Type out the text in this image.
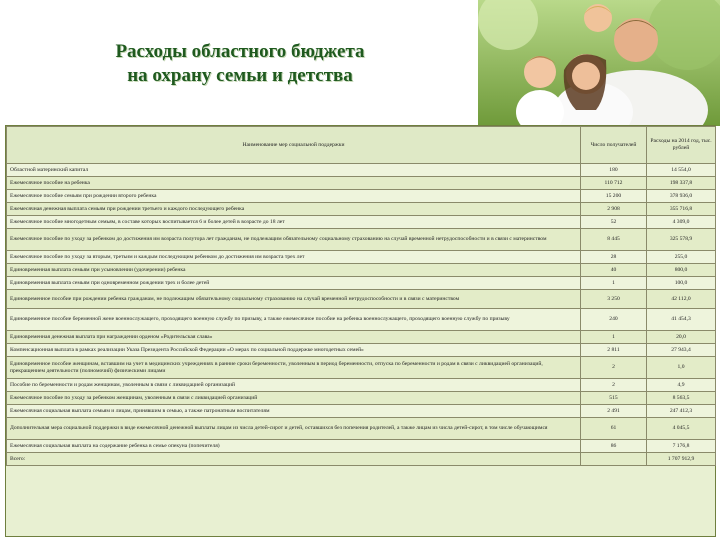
Расходы областного бюджета
на охрану семьи и детства
Наименование мер социальной поддержки	Число получателей	Расходы на 2014 год, тыс. рублей
Областной материнский капитал	180	14 554,0
Ежемесячное пособие на ребенка	110 712	198 337,8
Ежемесячное пособие семьям при рождении второго ребенка	15 200	378 936,0
Ежемесячная денежная выплата семьям при рождении третьего и каждого последующего ребенка	2 908	355 716,8
Ежемесячное пособие многодетным семьям, в составе которых воспитывается 6 и более детей в возрасте до 18 лет	52	4 309,0
Ежемесячное пособие по уходу за ребенком до достижения им возраста полутора лет гражданам, не подлежащим обязательному социальному страхованию на случай временной нетрудоспособности и в связи с материнством	8 445	325 578,9
Ежемесячное пособие по уходу за вторым, третьим и каждым последующим ребенком до достижения им возраста трех лет	28	255,0
Единовременная выплата семьям при усыновлении (удочерении) ребенка	40	800,0
Единовременная выплата семьям при одновременном рождении трех и более детей	1	100,0
Единовременное пособие при рождении ребенка гражданам, не подлежащим обязательному социальному страхованию на случай временной нетрудоспособности и в связи с материнством	3 250	42 112,0
Единовременное пособие беременной жене военнослужащего, проходящего военную службу по призыву, а также ежемесячное пособие на ребенка военнослужащего, проходящего военную службу по призыву	240	41 454,3
Единовременная денежная выплата при награждении орденом «Родительская слава»	1	20,0
Компенсационная выплата в рамках реализации Указа Президента Российской Федерации «О мерах по социальной поддержке многодетных семей»	2 811	27 943,4
Единовременное пособие женщинам, вставшим на учет в медицинских учреждениях в ранние сроки беременности, уволенным в период беременности, отпуска по беременности и родам в связи с ликвидацией организаций, прекращением деятельности (полномочий) физическими лицами	2	1,0
Пособие по беременности и родам женщинам, уволенным в связи с ликвидацией организаций	2	4,9
Ежемесячное пособие по уходу за ребенком женщинам, уволенным в связи с ликвидацией организаций	515	8 563,5
Ежемесячная социальная выплата семьям и лицам, принявшим в семью, а также патронатным воспитателям	2 491	247 412,3
Дополнительная мера социальной поддержки в виде ежемесячной денежной выплаты лицам из числа детей-сирот и детей, оставшихся без попечения родителей, а также лицам из числа детей-сирот, в том числе обучающимся	61	4 045,5
Ежемесячная социальная выплата на содержание ребенка в семье опекуна (попечителя)	86	7 176,8
Всего:		1 707 912,9
